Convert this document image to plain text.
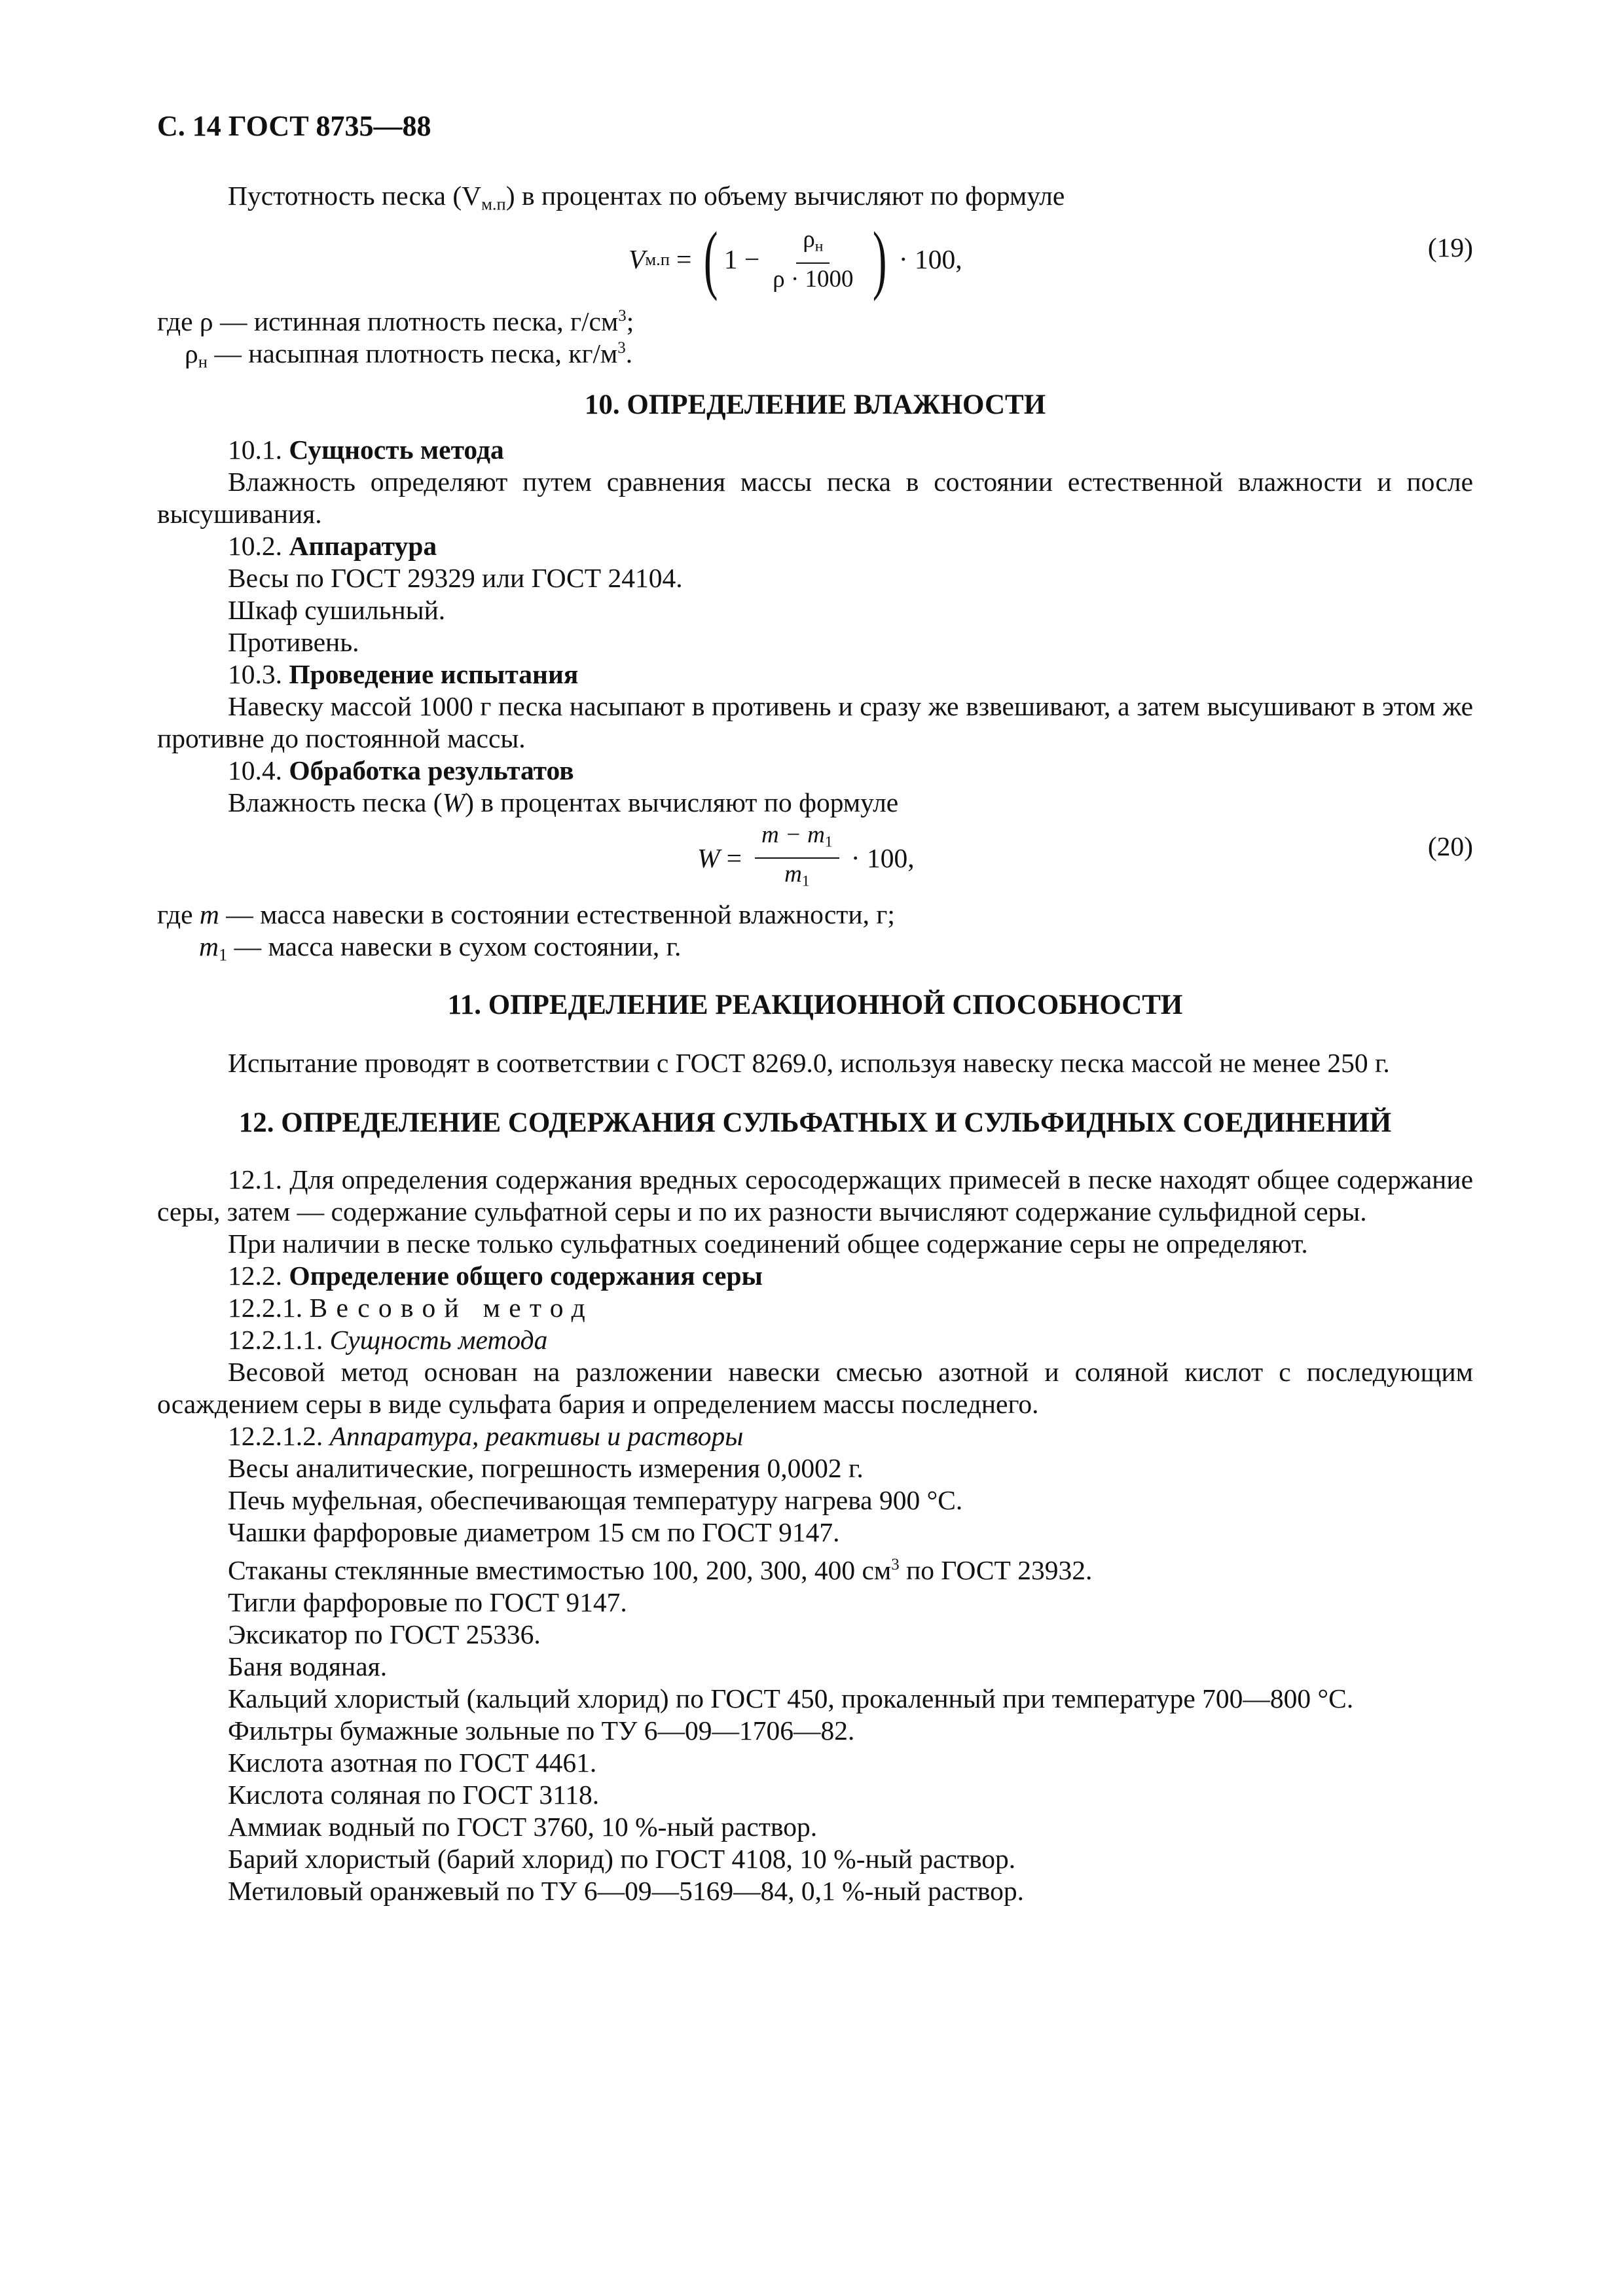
С. 14 ГОСТ 8735—88

Пустотность песка $(V_{м.п})$ в процентах по объему вычисляют по формуле

V м.п = ( $1 - \frac{\rho_н}{\rho \cdot 1000}$ ) · 100,	(19)
где ρ — истинная плотность песка, $г/см^3$;
$\rho_н$ — насыпная плотность песка, $кг/м^3$.
10. ОПРЕДЕЛЕНИЕ ВЛАЖНОСТИ

10.1. Сущность метода

Влажность определяют путем сравнения массы песка в состоянии естественной влажности и после высушивания.

10.2. Аппаратура

Весы по ГОСТ 29329 или ГОСТ 24104.

Шкаф сушильный.

Противень.

10.3. Проведение испытания

Навеску массой 1000 г песка насыпают в противень и сразу же взвешивают, а затем высушивают в этом же противне до постоянной массы.

10.4. Обработка результатов

Влажность песка (W) в процентах вычисляют по формуле

$W = \frac{m - m_1}{m_1} \cdot 100$,	(20)
где m — масса навески в состоянии естественной влажности, г;
$m_1$ — масса навески в сухом состоянии, г.
11. ОПРЕДЕЛЕНИЕ РЕАКЦИОННОЙ СПОСОБНОСТИ

Испытание проводят в соответствии с ГОСТ 8269.0, используя навеску песка массой не менее 250 г.

12. ОПРЕДЕЛЕНИЕ СОДЕРЖАНИЯ СУЛЬФАТНЫХ И СУЛЬФИДНЫХ СОЕДИНЕНИЙ

12.1. Для определения содержания вредных серосодержащих примесей в песке находят общее содержание серы, затем — содержание сульфатной серы и по их разности вычисляют содержание сульфидной серы.

При наличии в песке только сульфатных соединений общее содержание серы не определяют.

12.2. Определение общего содержания серы

12.2.1. Весовой метод

12.2.1.1. Сущность метода

Весовой метод основан на разложении навески смесью азотной и соляной кислот с последующим осаждением серы в виде сульфата бария и определением массы последнего.

12.2.1.2. Аппаратура, реактивы и растворы

Весы аналитические, погрешность измерения 0,0002 г.

Печь муфельная, обеспечивающая температуру нагрева 900 °С.

Чашки фарфоровые диаметром 15 см по ГОСТ 9147.

Стаканы стеклянные вместимостью 100, 200, 300, 400 $см^3$ по ГОСТ 23932.

Тигли фарфоровые по ГОСТ 9147.

Эксикатор по ГОСТ 25336.

Баня водяная.

Кальций хлористый (кальций хлорид) по ГОСТ 450, прокаленный при температуре 700—800 °С.

Фильтры бумажные зольные по ТУ 6—09—1706—82.

Кислота азотная по ГОСТ 4461.

Кислота соляная по ГОСТ 3118.

Аммиак водный по ГОСТ 3760, 10 %-ный раствор.

Барий хлористый (барий хлорид) по ГОСТ 4108, 10 %-ный раствор.

Метиловый оранжевый по ТУ 6—09—5169—84, 0,1 %-ный раствор.
